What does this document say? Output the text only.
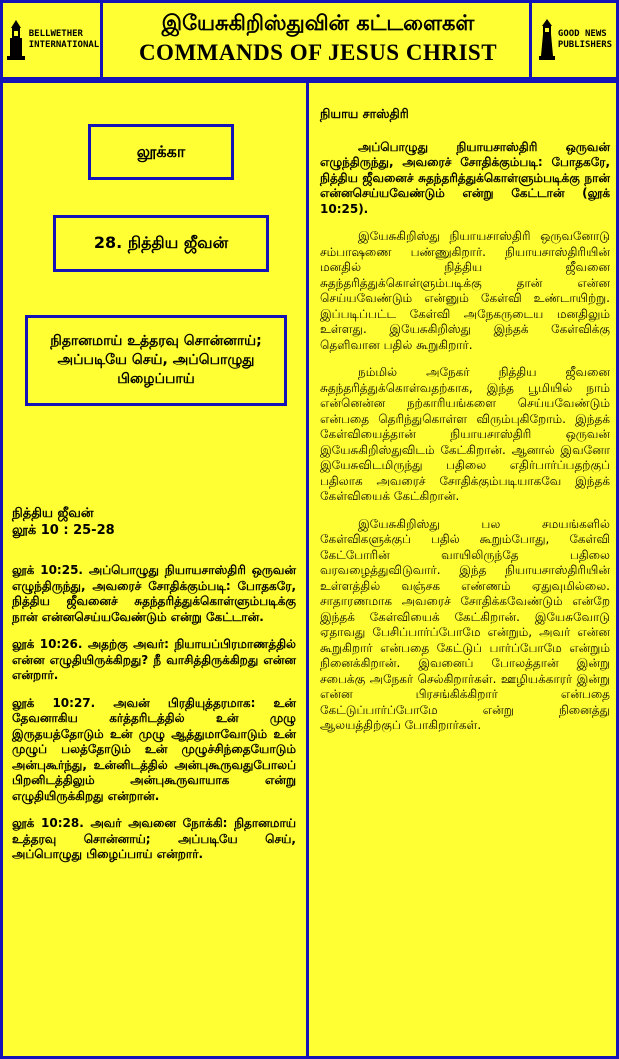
BELLWETHER
INTERNATIONAL
இயேசுகிறிஸ்துவின் கட்டளைகள்
COMMANDS OF JESUS CHRIST
GOOD NEWS
PUBLISHERS
லூக்கா
28. நித்திய ஜீவன்
நிதானமாய் உத்தரவு சொன்னாய்; அப்படியே செய், அப்பொழுது பிழைப்பாய்
நித்திய ஜீவன்
லூக் 10 : 25-28

லூக் 10:25. அப்பொழுது நியாயசாஸ்திரி ஒருவன் எழுந்திருந்து, அவரைச் சோதிக்கும்படி: போதகரே, நித்திய ஜீவனைச் சுதந்தரித்துக்கொள்ளும்படிக்கு நான் என்னசெய்யவேண்டும் என்று கேட்டான்.

லூக் 10:26. அதற்கு அவர்: நியாயப்பிரமாணத்தில் என்ன எழுதியிருக்கிறது? நீ வாசித்திருக்கிறது என்ன என்றார்.

லூக் 10:27. அவன் பிரதியுத்தரமாக: உன் தேவனாகிய கர்த்தரிடத்தில் உன் முழு இருதயத்தோடும் உன் முழு ஆத்துமாவோடும் உன் முழுப் பலத்தோடும் உன் முழுச்சிந்தையோடும் அன்புகூர்ந்து, உன்னிடத்தில் அன்புகூருவதுபோலப் பிறனிடத்திலும் அன்புகூருவாயாக என்று எழுதியிருக்கிறது என்றான்.

லூக் 10:28. அவர் அவனை நோக்கி: நிதானமாய் உத்தரவு சொன்னாய்; அப்படியே செய், அப்பொழுது பிழைப்பாய் என்றார்.

நியாய சாஸ்திரி

அப்பொழுது நியாயசாஸ்திரி ஒருவன் எழுந்திருந்து, அவரைச் சோதிக்கும்படி: போதகரே, நித்திய ஜீவனைச் சுதந்தரித்துக்கொள்ளும்படிக்கு நான் என்னசெய்யவேண்டும் என்று கேட்டான் (லூக் 10:25).

இயேசுகிறிஸ்து நியாயசாஸ்திரி ஒருவனோடு சம்பாஷணை பண்ணுகிறார். நியாயசாஸ்திரியின் மனதில் நித்திய ஜீவனை சுதந்தரித்துக்கொள்ளும்படிக்கு தான் என்ன செய்யவேண்டும் என்னும் கேள்வி உண்டாயிற்று. இப்படிப்பட்ட கேள்வி அநேகருடைய மனதிலும் உள்ளது. இயேசுகிறிஸ்து இந்தக் கேள்விக்கு தெளிவான பதில் கூறுகிறார்.

நம்மில் அநேகர் நித்திய ஜீவனை சுதந்தரித்துக்கொள்வதற்காக, இந்த பூமியில் நாம் என்னென்ன நற்காரியங்களை செய்யவேண்டும் என்பதை தெரிந்துகொள்ள விரும்புகிறோம். இந்தக் கேள்வியைத்தான் நியாயசாஸ்திரி ஒருவன் இயேசுகிறிஸ்துவிடம் கேட்கிறான். ஆனால் இவனோ இயேசுவிடமிருந்து பதிலை எதிர்பார்ப்பதற்குப் பதிலாக அவரைச் சோதிக்கும்படியாகவே இந்தக் கேள்வியைக் கேட்கிறான்.

இயேசுகிறிஸ்து பல சமயங்களில் கேள்விகளுக்குப் பதில் கூறும்போது, கேள்வி கேட்போரின் வாயிலிருந்தே பதிலை வரவழைத்துவிடுவார். இந்த நியாயசாஸ்திரியின் உள்ளத்தில் வஞ்சக எண்ணம் ஏதுவுமில்லை. சாதாரணமாக அவரைச் சோதிக்கவேண்டும் என்றே இந்தக் கேள்வியைக் கேட்கிறான். இயேசுவோடு ஏதாவது பேசிப்பார்ப்போமே என்றும், அவர் என்ன கூறுகிறார் என்பதை கேட்டுப் பார்ப்போமே என்றும் நினைக்கிறான். இவனைப் போலத்தான் இன்று சபைக்கு அநேகர் செல்கிறார்கள். ஊழியக்காரர் இன்று என்ன பிரசங்கிக்கிறார் என்பதை கேட்டுப்பார்ப்போமே என்று நினைத்து ஆலயத்திற்குப் போகிறார்கள்.
